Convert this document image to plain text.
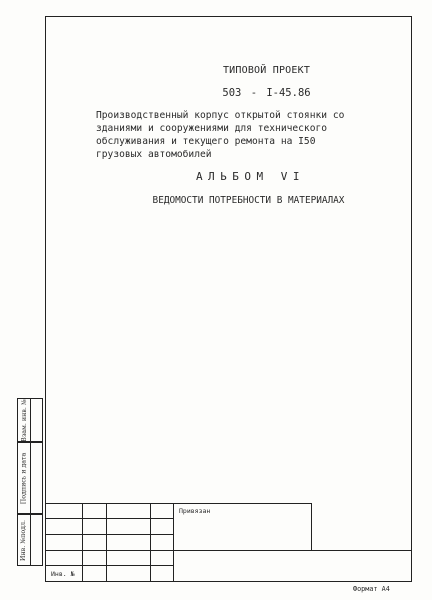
ТИПОВОЙ ПРОЕКТ
503 - I-45.86
Производственный корпус открытой стоянки со
зданиями и сооружениями для технического
обслуживания и текущего ремонта на I50
грузовых автомобилей
АЛЬБОМ VI
ВЕДОМОСТИ ПОТРЕБНОСТИ В МАТЕРИАЛАХ
Привязан
Инв. №
Взам. инв. №
Подпись и дата
Инв. №подл.
Формат А4
